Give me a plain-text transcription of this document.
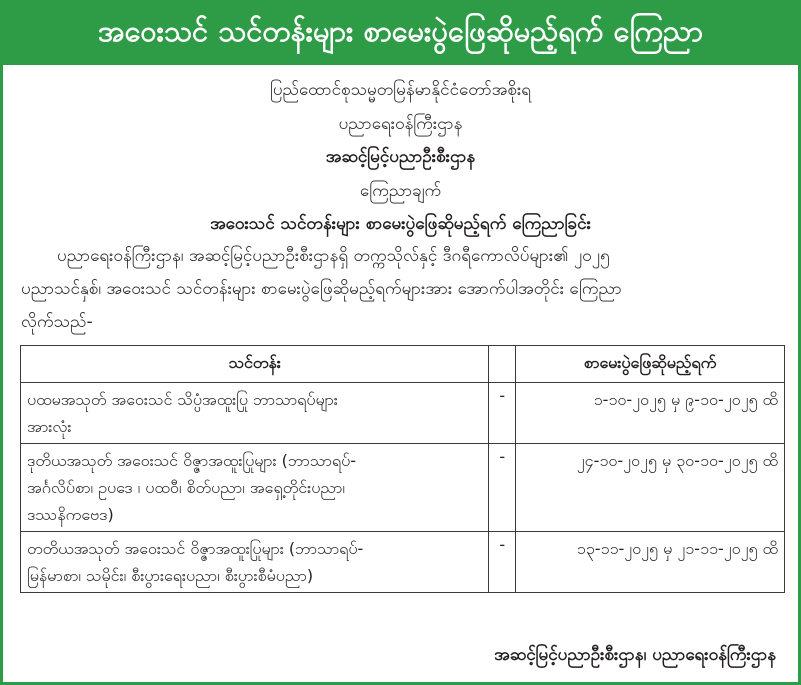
အဝေးသင် သင်တန်းများ စာမေးပွဲဖြေဆိုမည့်ရက် ကြေညာ
ပြည်ထောင်စုသမ္မတမြန်မာနိုင်ငံတော်အစိုးရ
ပညာရေးဝန်ကြီးဌာန
အဆင့်မြင့်ပညာဦးစီးဌာန
ကြေညာချက်
အဝေးသင် သင်တန်းများ စာမေးပွဲဖြေဆိုမည့်ရက် ကြေညာခြင်း
ပညာရေးဝန်ကြီးဌာန၊ အဆင့်မြင့်ပညာဦးစီးဌာနရှိ တက္ကသိုလ်နှင့် ဒီဂရီကောလိပ်များ၏ ၂၀၂၅
ပညာသင်နှစ်၊ အဝေးသင် သင်တန်းများ စာမေးပွဲဖြေဆိုမည့်ရက်များအား အောက်ပါအတိုင်း ကြေညာ
လိုက်သည်-
သင်တန်း		စာမေးပွဲဖြေဆိုမည့်ရက်

ပထမအသုတ် အဝေးသင် သိပ္ပံအထူးပြု ဘာသာရပ်များ
အားလုံး	-	၁-၁၀-၂၀၂၅ မှ ၉-၁၀-၂၀၂၅ ထိ

ဒုတိယအသုတ် အဝေးသင် ဝိဇ္ဇာအထူးပြုများ (ဘာသာရပ်-
အင်္ဂလိပ်စာ၊ ဥပဒေ ၊ ပထဝီ၊ စိတ်ပညာ၊ အရှေ့တိုင်းပညာ၊
ဒဿနိကဗေဒ)	-	၂၄-၁၀-၂၀၂၅ မှ ၃၀-၁၀-၂၀၂၅ ထိ

တတိယအသုတ် အဝေးသင် ဝိဇ္ဇာအထူးပြုများ (ဘာသာရပ်-
မြန်မာစာ၊ သမိုင်း၊ စီးပွားရေးပညာ၊ စီးပွားစီမံပညာ)	-	၁၃-၁၁-၂၀၂၅ မှ ၂၁-၁၁-၂၀၂၅ ထိ
အဆင့်မြင့်ပညာဦးစီးဌာန၊ ပညာရေးဝန်ကြီးဌာန
